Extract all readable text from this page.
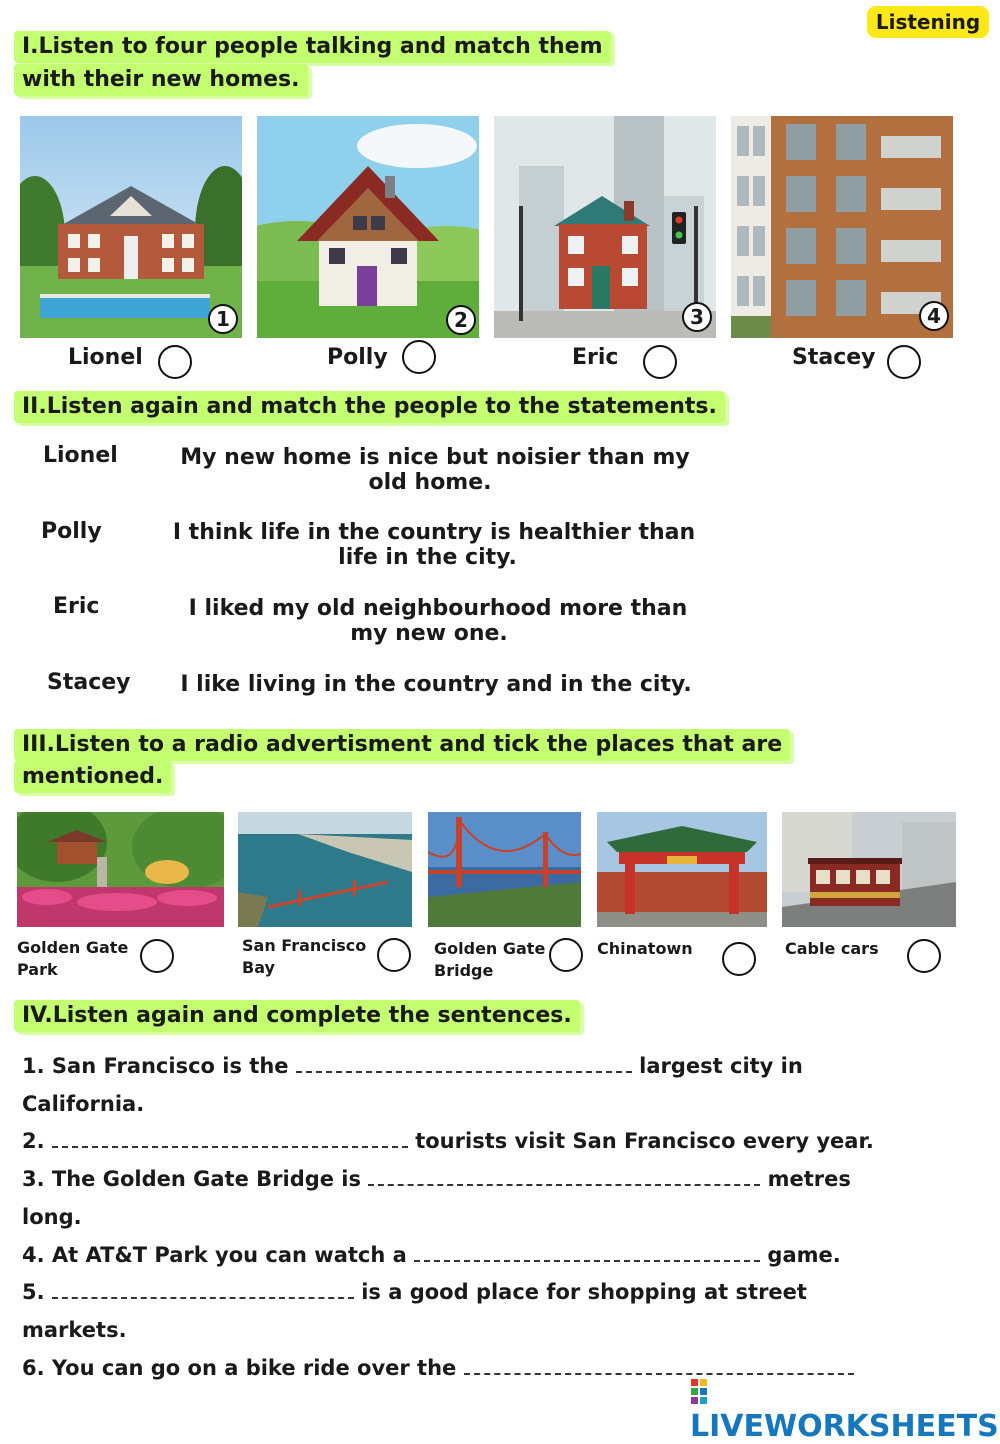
Listening
I.Listen to four people talking and match them
with their new homes.
1	2	3	4
Lionel	Polly	Eric	Stacey
II.Listen again and match the people to the statements.
Lionel	My new home is nice but noisier than my
old home.
Polly	I think life in the country is healthier than
life in the city.
Eric	I liked my old neighbourhood more than
my new one.
Stacey	I like living in the country and in the city.
III.Listen to a radio advertisment and tick the places that are
mentioned.
Golden Gate
Park
San Francisco
Bay
Golden Gate
Bridge
Chinatown	Cable cars
IV.Listen again and complete the sentences.
1. San Francisco is the	largest city in
California.
2.	tourists visit San Francisco every year.
3. The Golden Gate Bridge is	metres
long.
4. At AT&T Park you can watch a	game.
5.	is a good place for shopping at street
markets.
6. You can go on a bike ride over the
LIVEWORKSHEETS
